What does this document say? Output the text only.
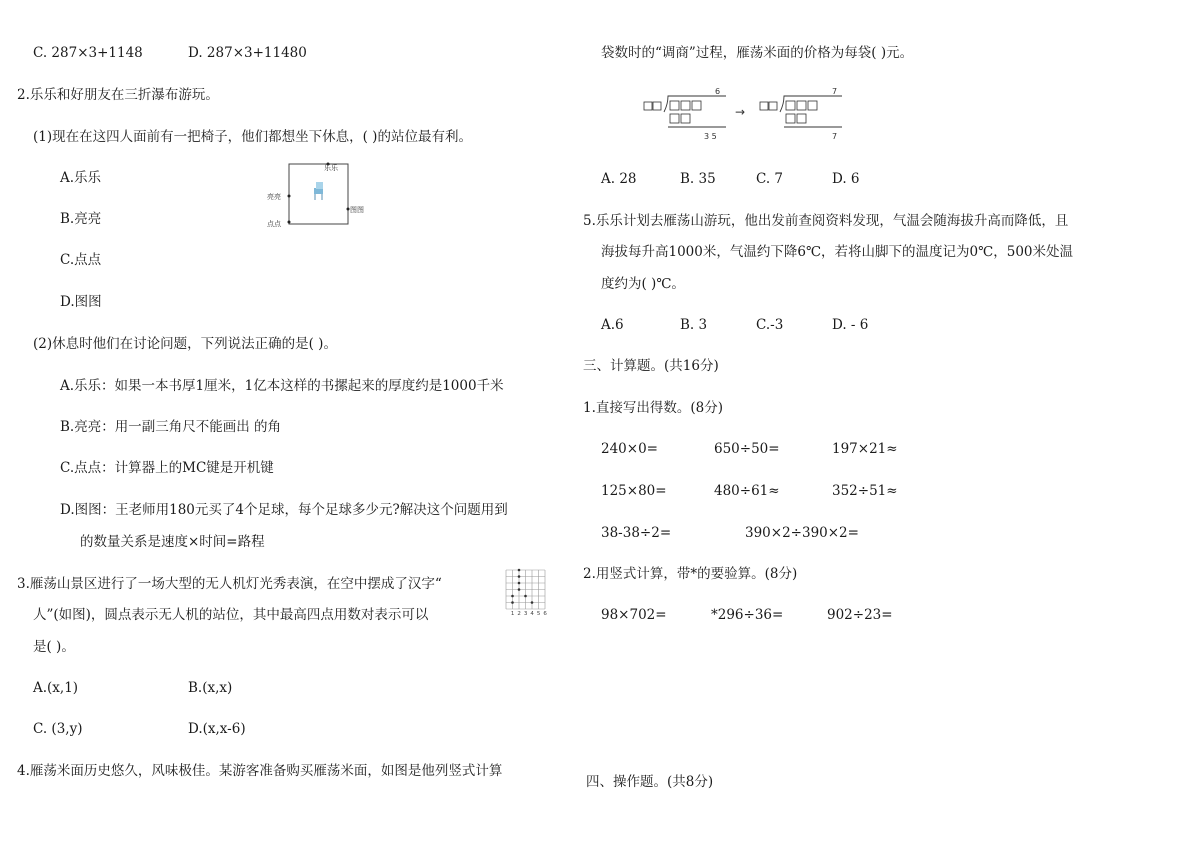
C. 287×3+1148	D. 287×3+11480
2.乐乐和好朋友在三折瀑布游玩。
(1)现在在这四人面前有一把椅子，他们都想坐下休息，( )的站位最有利。
A.乐乐
B.亮亮
C.点点
D.图图
乐乐
亮亮
图图
点点
(2)休息时他们在讨论问题，下列说法正确的是( )。
A.乐乐：如果一本书厚1厘米，1亿本这样的书摞起来的厚度约是1000千米
B.亮亮：用一副三角尺不能画出 的角
C.点点：计算器上的MC键是开机键
D.图图：王老师用180元买了4个足球，每个足球多少元?解决这个问题用到
的数量关系是速度×时间=路程
3.雁荡山景区进行了一场大型的无人机灯光秀表演，在空中摆成了汉字“
人”(如图)，圆点表示无人机的站位，其中最高四点用数对表示可以
是( )。
1 2 3 4 5 6
A.(x,1)	B.(x,x)
C. (3,y)	D.(x,x-6)
4.雁荡米面历史悠久，风味极佳。某游客准备购买雁荡米面，如图是他列竖式计算
袋数时的“调商”过程，雁荡米面的价格为每袋( )元。
6
3 5
→
7
7
A. 28	B. 35	C. 7	D. 6
5.乐乐计划去雁荡山游玩，他出发前查阅资料发现，气温会随海拔升高而降低，且
海拔每升高1000米，气温约下降6℃，若将山脚下的温度记为0℃，500米处温
度约为( )℃。
A.6	B. 3	C.-3	D. - 6
三、计算题。(共16分)
1.直接写出得数。(8分)
240×0=	650÷50=	197×21≈
125×80=	480÷61≈	352÷51≈
38-38÷2=	390×2÷390×2=
2.用竖式计算，带*的要验算。(8分)
98×702=	*296÷36=	902÷23=
四、操作题。(共8分)
